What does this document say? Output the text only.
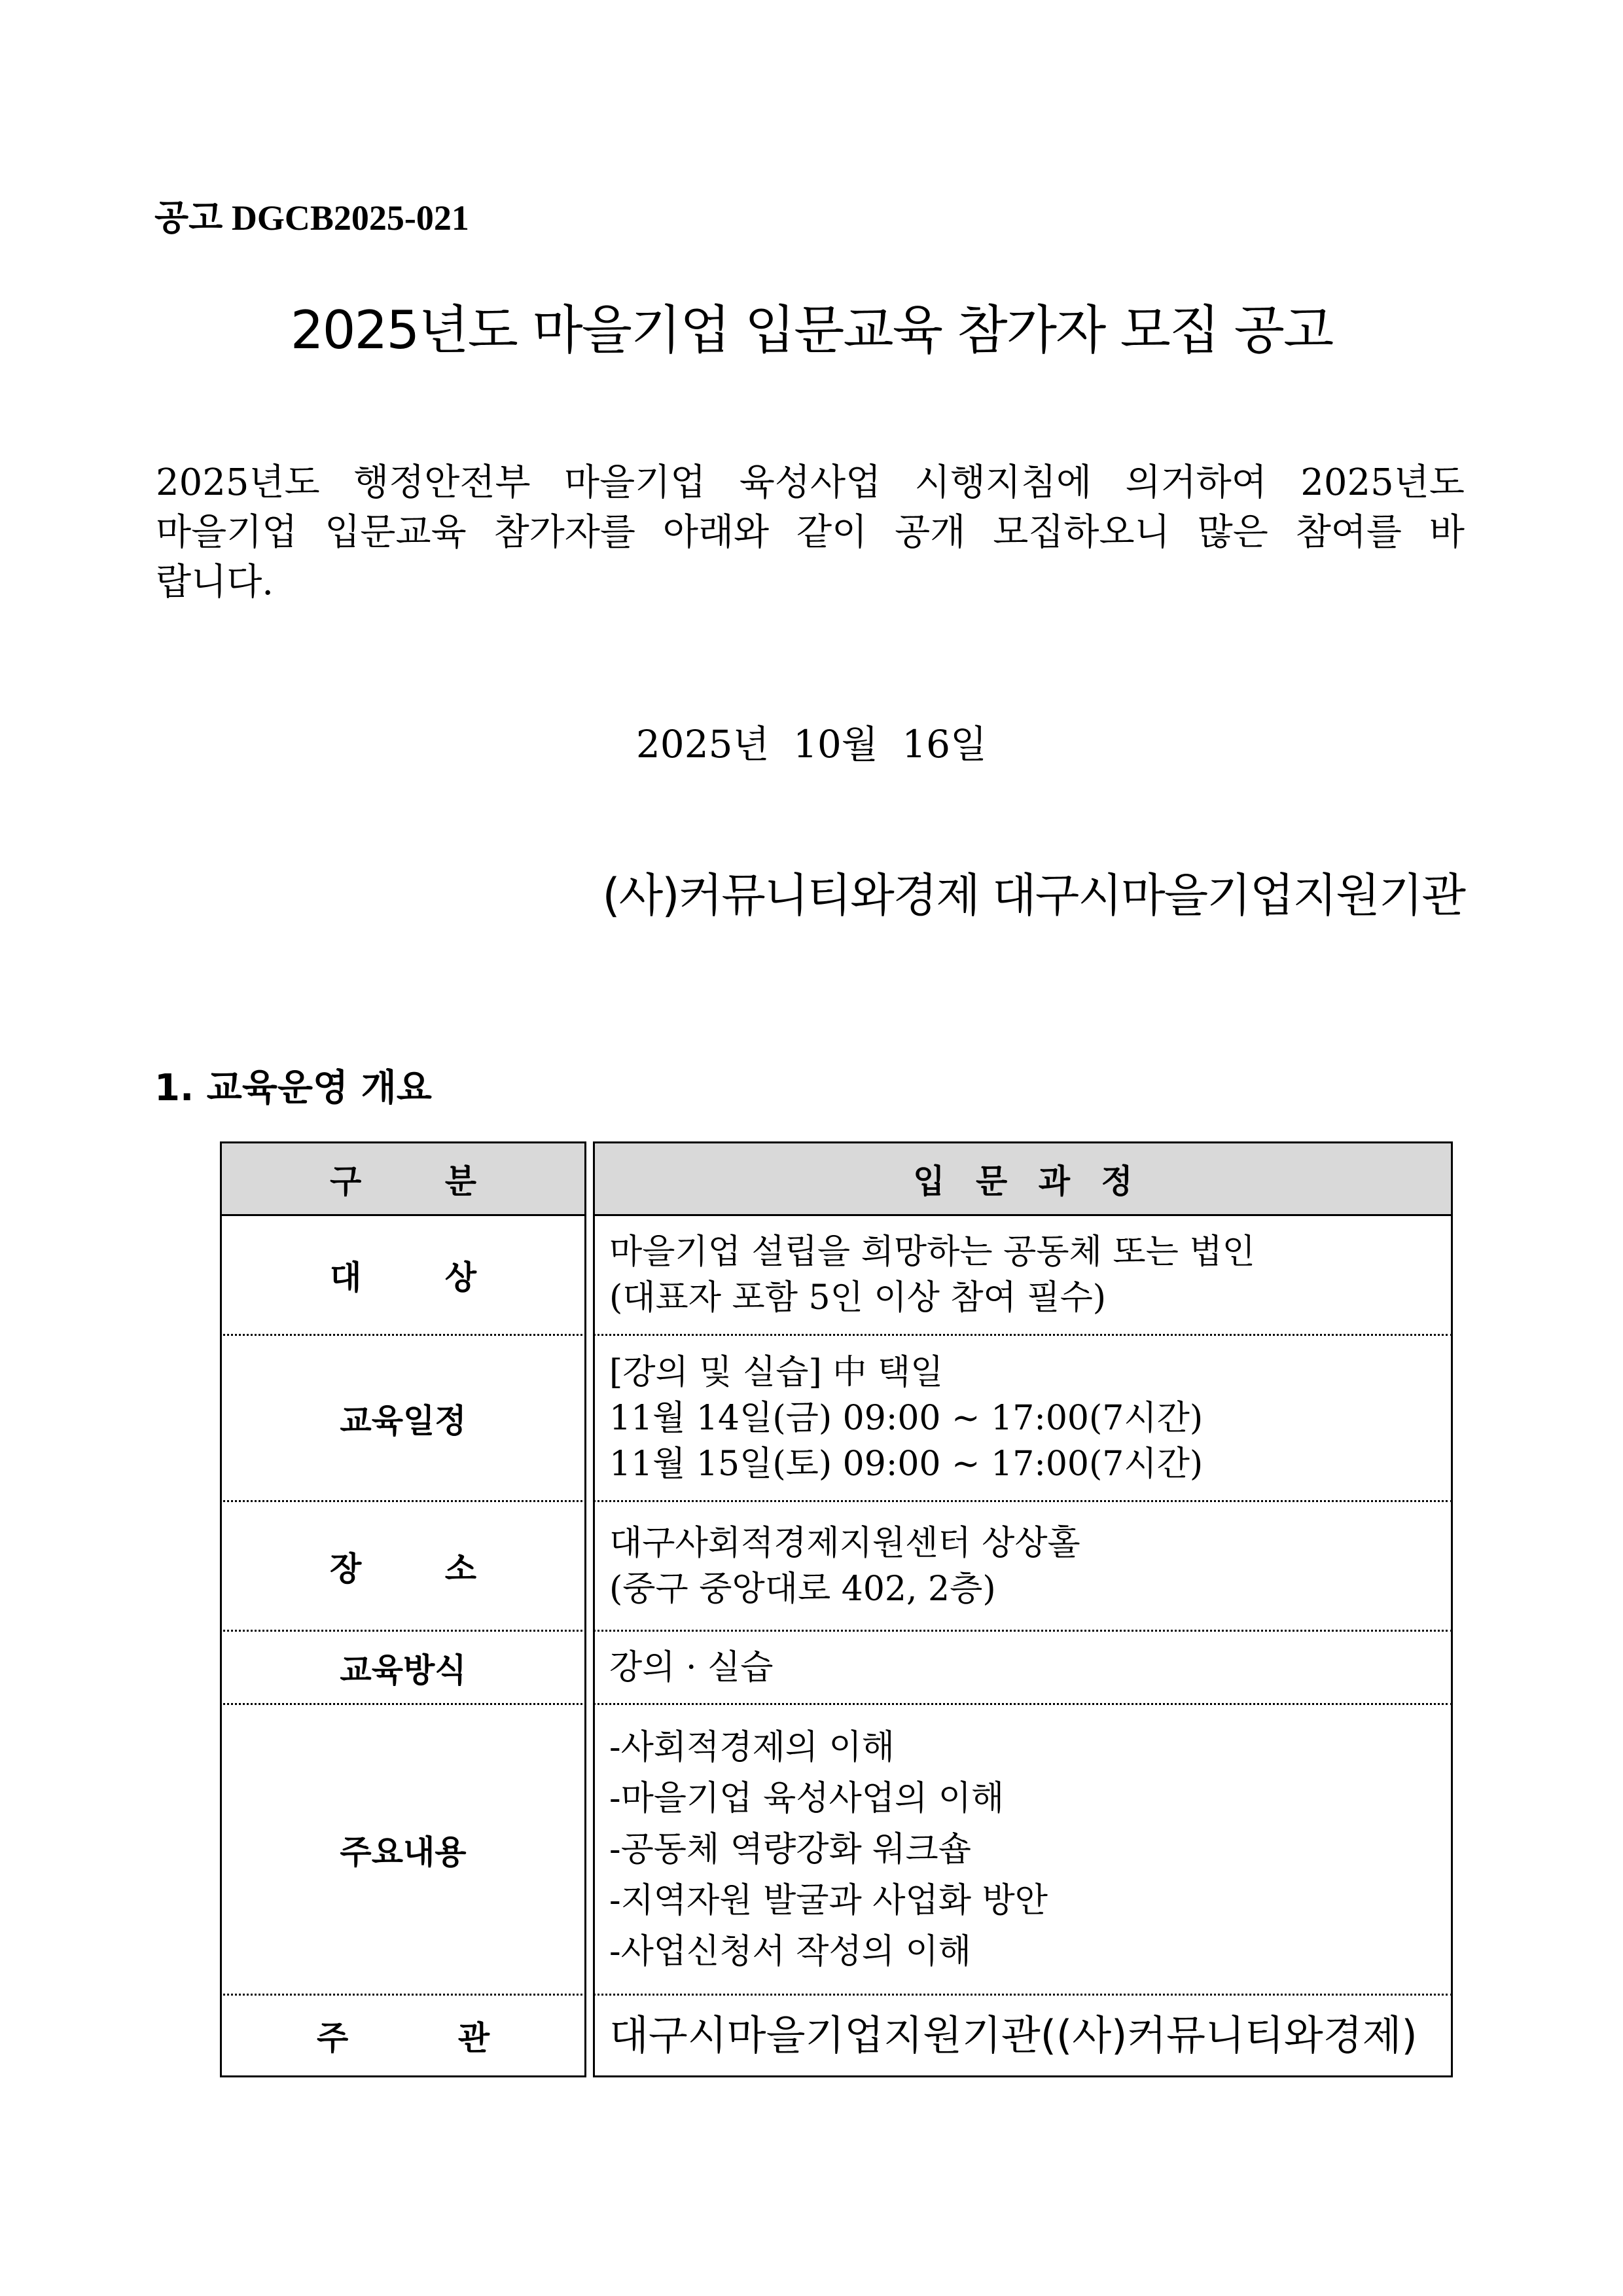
공고 DGCB2025-021
2025년도 마을기업 입문교육 참가자 모집 공고
2025년도 행정안전부 마을기업 육성사업 시행지침에 의거하여 2025년도
마을기업 입문교육 참가자를 아래와 같이 공개 모집하오니 많은 참여를 바
랍니다.
2025년 10월 16일
(사)커뮤니티와경제 대구시마을기업지원기관
1. 교육운영 개요
구 분		입 문 과 정
대 상		마을기업 설립을 희망하는 공동체 또는 법인
(대표자 포함 5인 이상 참여 필수)

교육일정		[강의 및 실습] 中 택일
11월 14일(금) 09:00 ~ 17:00(7시간)
11월 15일(토) 09:00 ~ 17:00(7시간)

장 소		대구사회적경제지원센터 상상홀
(중구 중앙대로 402, 2층)

교육방식		강의 · 실습

주요내용		-사회적경제의 이해
-마을기업 육성사업의 이해
-공동체 역량강화 워크숍
-지역자원 발굴과 사업화 방안
-사업신청서 작성의 이해

주 관		대구시마을기업지원기관((사)커뮤니티와경제)
